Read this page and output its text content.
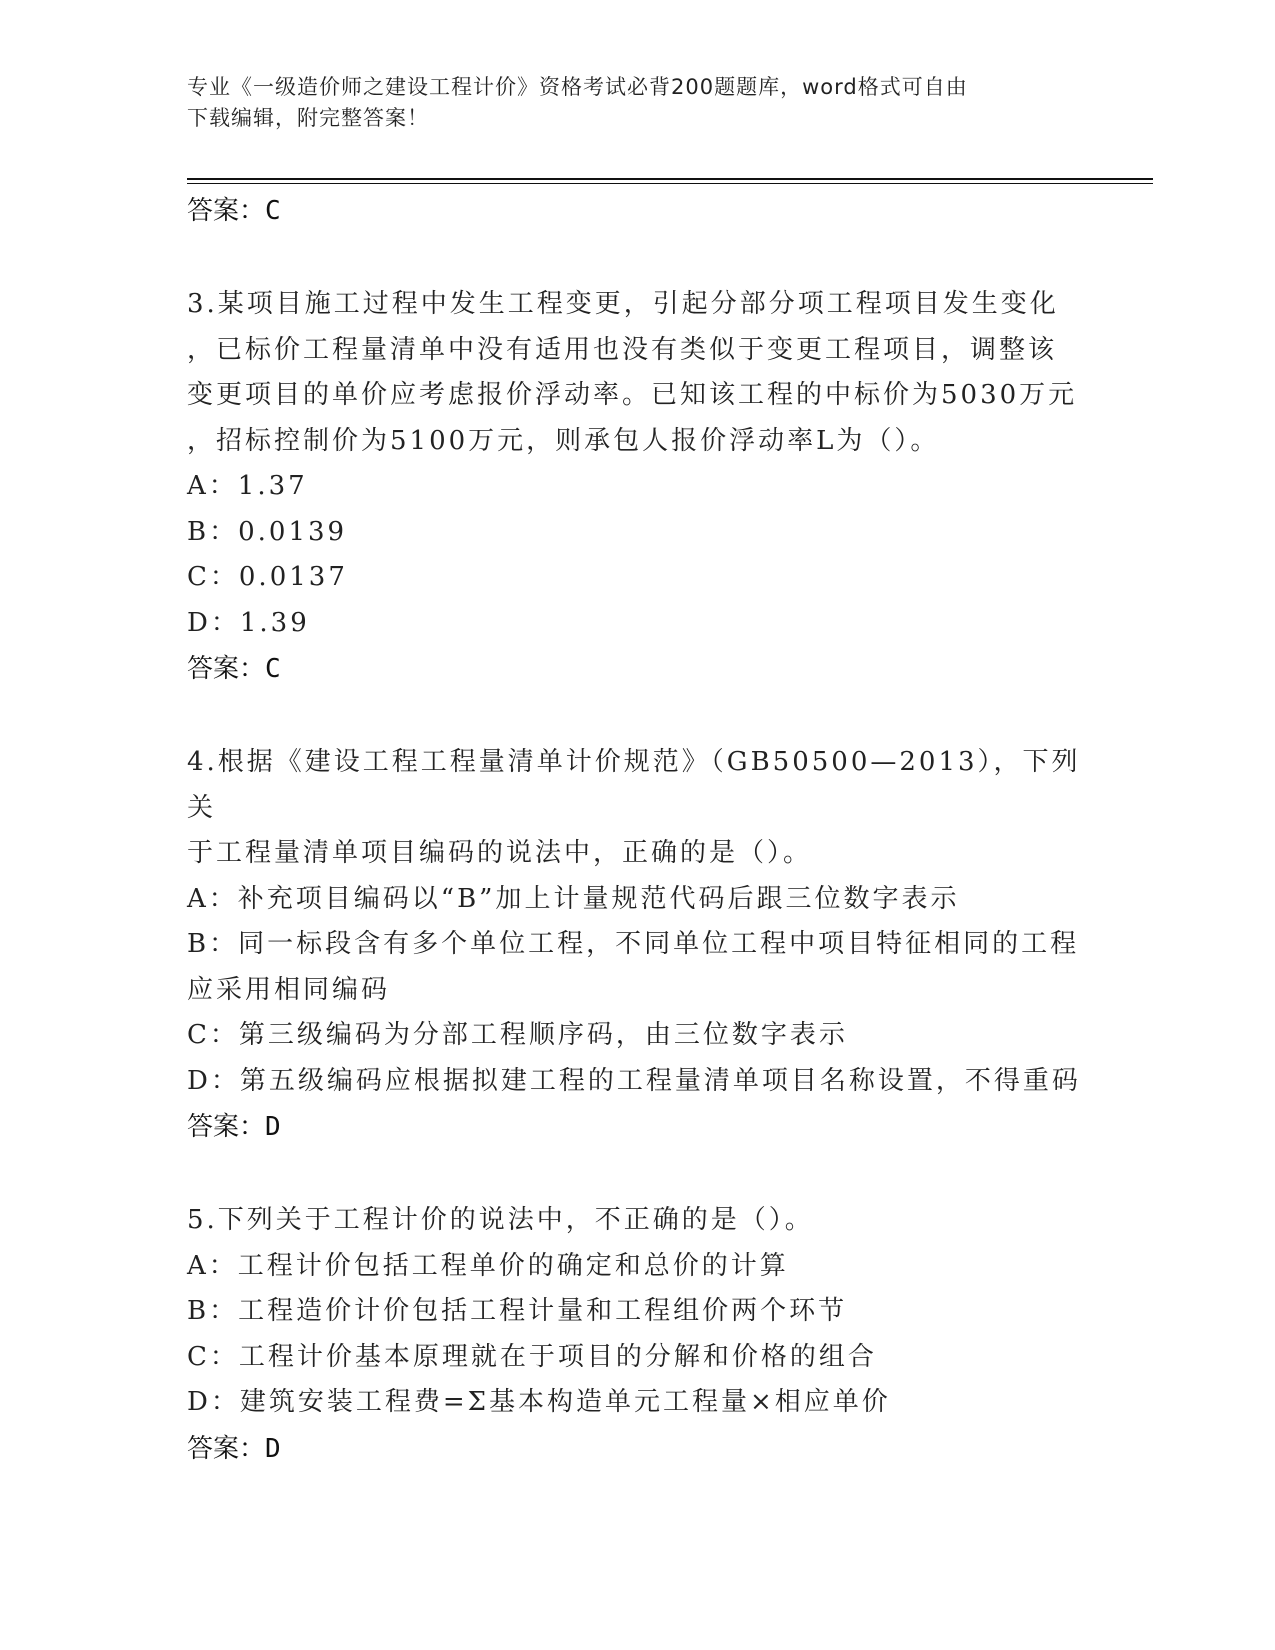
专业《一级造价师之建设工程计价》资格考试必背200题题库，word格式可自由
下载编辑，附完整答案！
答案：C

3.某项目施工过程中发生工程变更，引起分部分项工程项目发生变化

，已标价工程量清单中没有适用也没有类似于变更工程项目，调整该

变更项目的单价应考虑报价浮动率。已知该工程的中标价为5030万元

，招标控制价为5100万元，则承包人报价浮动率L为（）。

A：1.37

B：0.0139

C：0.0137

D：1.39

答案：C

4.根据《建设工程工程量清单计价规范》（GB50500—2013），下列关

于工程量清单项目编码的说法中，正确的是（）。

A：补充项目编码以“B”加上计量规范代码后跟三位数字表示

B：同一标段含有多个单位工程，不同单位工程中项目特征相同的工程

应采用相同编码

C：第三级编码为分部工程顺序码，由三位数字表示

D：第五级编码应根据拟建工程的工程量清单项目名称设置，不得重码

答案：D

5.下列关于工程计价的说法中，不正确的是（）。

A：工程计价包括工程单价的确定和总价的计算

B：工程造价计价包括工程计量和工程组价两个环节

C：工程计价基本原理就在于项目的分解和价格的组合

D：建筑安装工程费=Σ基本构造单元工程量×相应单价

答案：D
